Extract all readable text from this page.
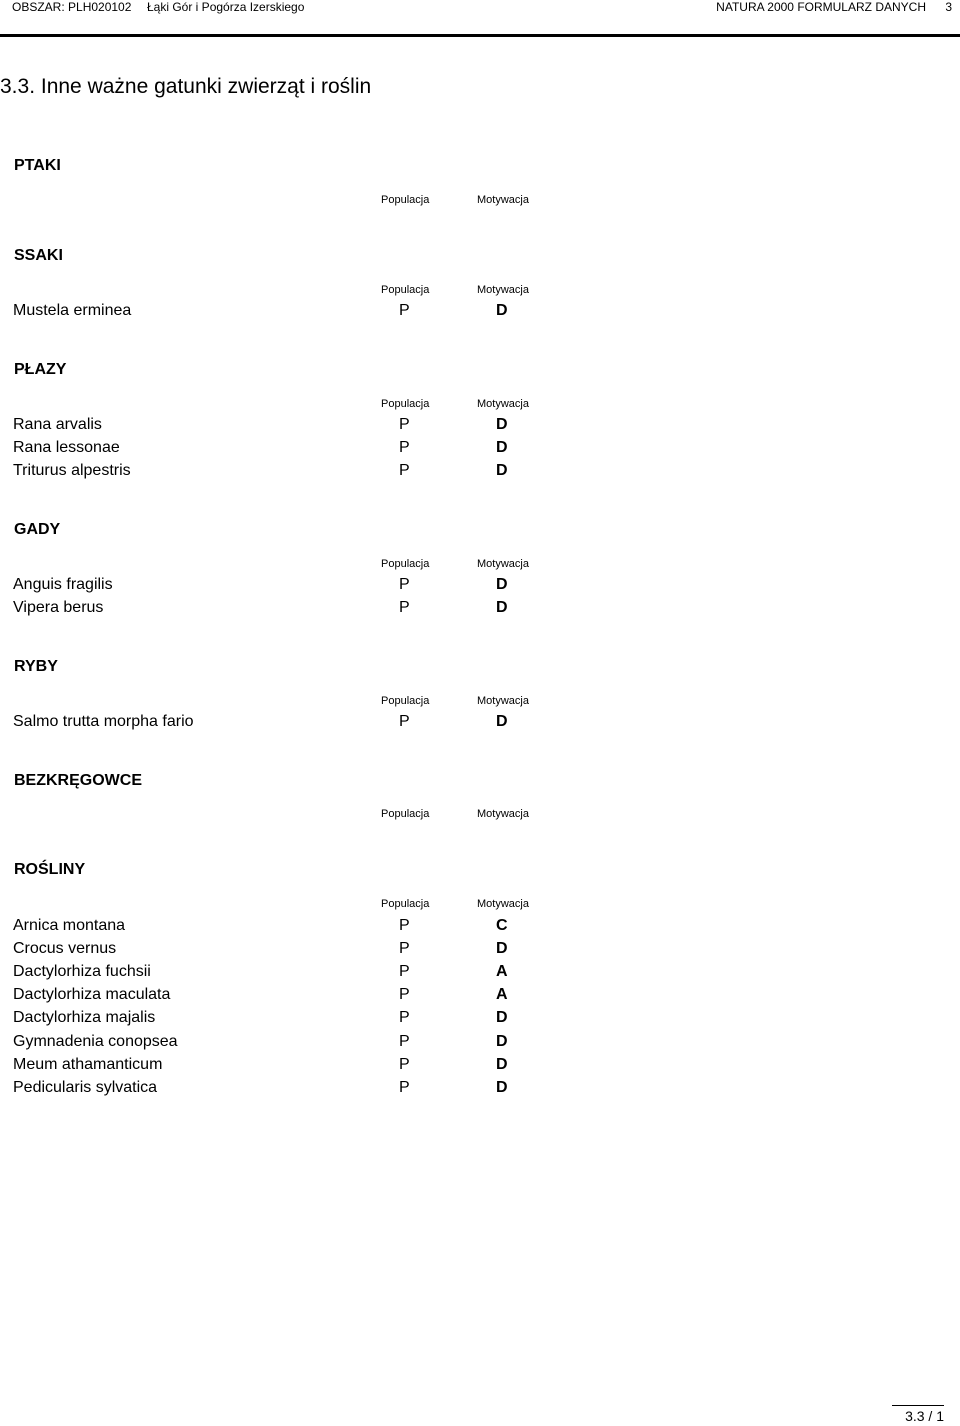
OBSZAR: PLH020102 Łąki Gór i Pogórza Izerskiego	NATURA 2000 FORMULARZ DANYCH 3
3.3. Inne ważne gatunki zwierząt i roślin
PTAKI
Populacja	Motywacja
SSAKI
Populacja	Motywacja
Mustela erminea	P	D
PŁAZY
Populacja	Motywacja
Rana arvalis	P	D
Rana lessonae	P	D
Triturus alpestris	P	D
GADY
Populacja	Motywacja
Anguis fragilis	P	D
Vipera berus	P	D
RYBY
Populacja	Motywacja
Salmo trutta morpha fario	P	D
BEZKRĘGOWCE
Populacja	Motywacja
ROŚLINY
Populacja	Motywacja
Arnica montana	P	C
Crocus vernus	P	D
Dactylorhiza fuchsii	P	A
Dactylorhiza maculata	P	A
Dactylorhiza majalis	P	D
Gymnadenia conopsea	P	D
Meum athamanticum	P	D
Pedicularis sylvatica	P	D
3.3 / 1
